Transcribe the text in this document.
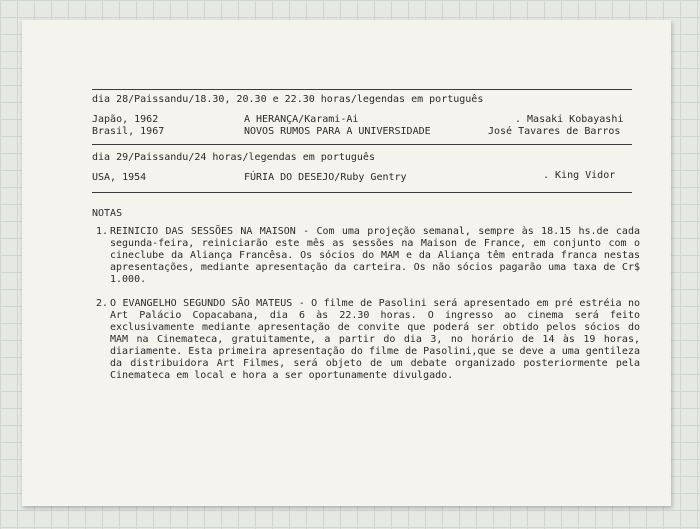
dia 28/Paissandu/18.30, 20.30 e 22.30 horas/legendas em português
Japão, 1962	A HERANÇA/Karami-Ai	. Masaki Kobayashi
Brasil, 1967	NOVOS RUMOS PARA A UNIVERSIDADE	José Tavares de Barros
dia 29/Paissandu/24 horas/legendas em português
USA, 1954	FÚRIA DO DESEJO/Ruby Gentry	. King Vidor
NOTAS
1. REINICIO DAS SESSÕES NA MAISON - Com uma projeção semanal, sempre às 18.15 hs.de cada segunda-feira, reiniciarão este mês as sessões na Maison de France, em conjunto com o cineclube da Aliança Francêsa. Os sócios do MAM e da Aliança têm entrada franca nestas apresentações, mediante apresentação da carteira. Os não sócios pagarão uma taxa de Cr$ 1.000.
2. O EVANGELHO SEGUNDO SÃO MATEUS - O filme de Pasolini será apresentado em pré estréia no Art Palácio Copacabana, dia 6 às 22.30 horas. O ingresso ao cinema será feito exclusivamente mediante apresentação de convite que poderá ser obtido pelos sócios do MAM na Cinemateca, gratuitamente, a partir do dia 3, no horário de 14 às 19 horas, diariamente. Esta primeira apresentação do filme de Pasolini,que se deve a uma gentileza da distribuidora Art Filmes, será objeto de um debate organizado posteriormente pela Cinemateca em local e hora a ser oportunamente divulgado.
